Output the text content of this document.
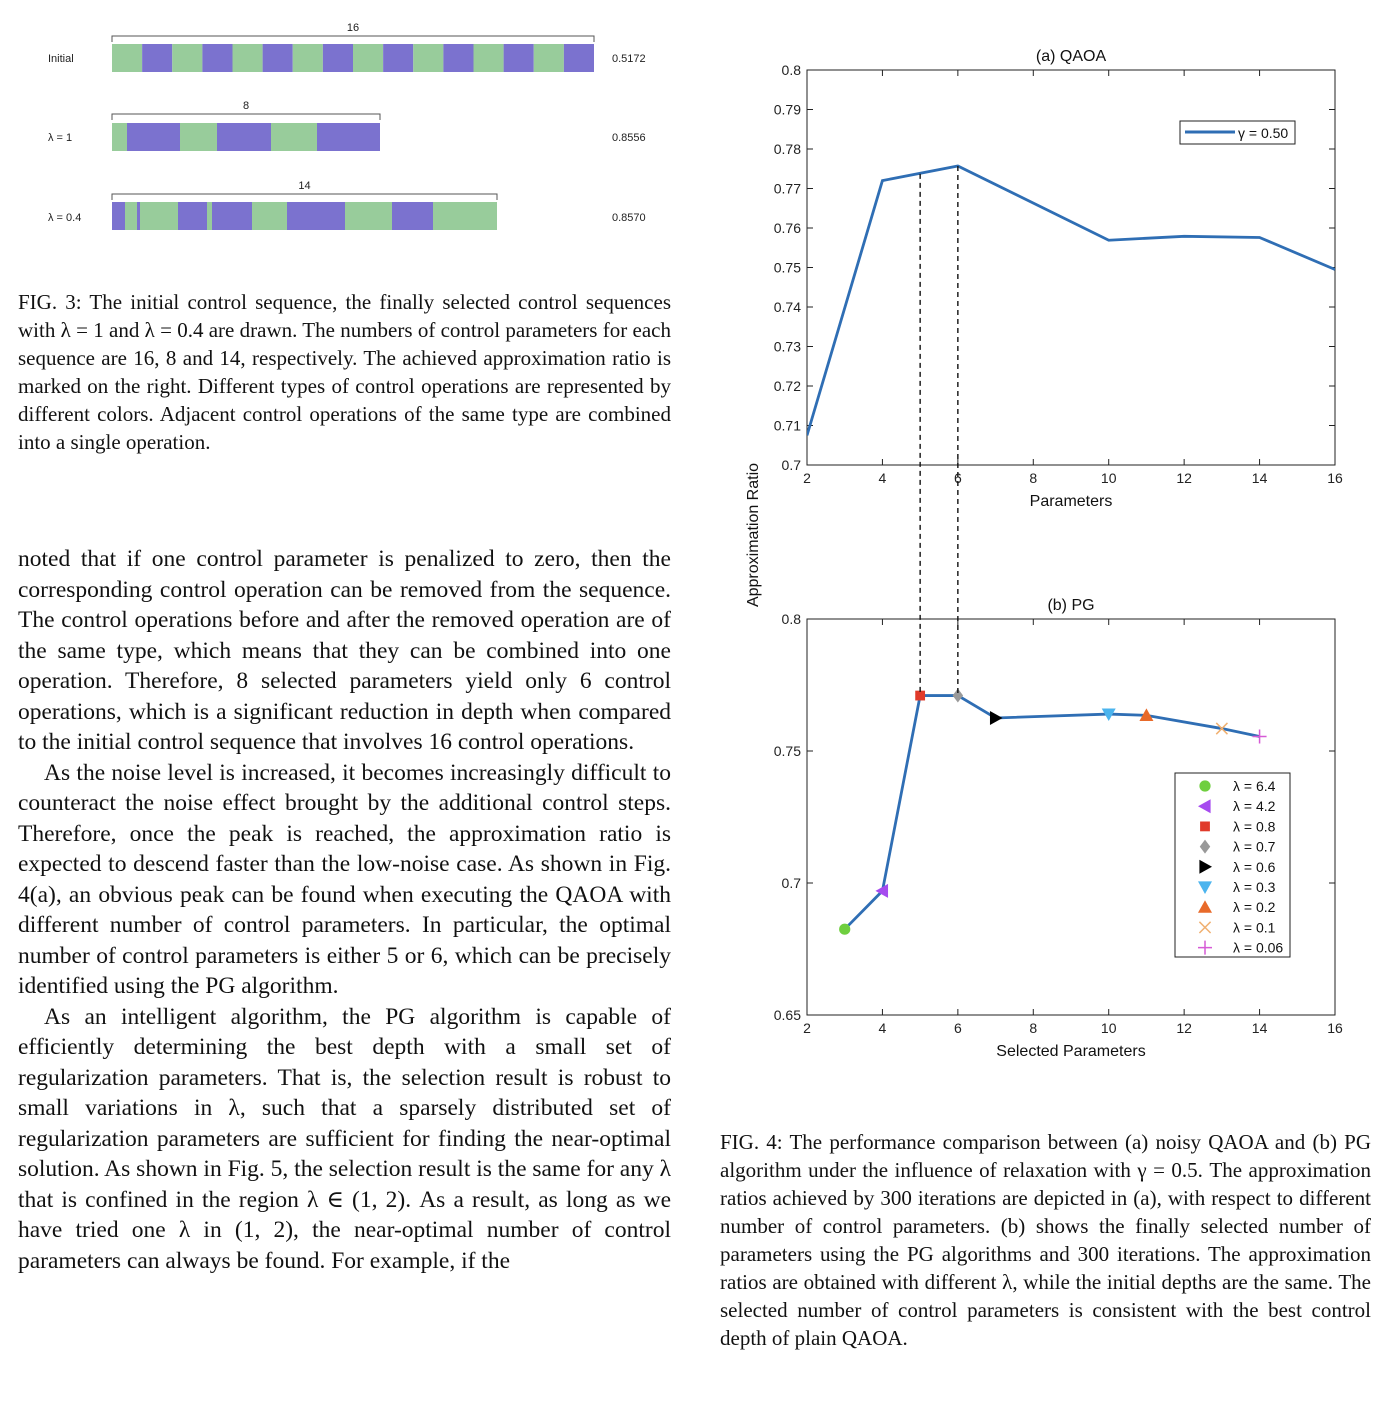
Initial
16
0.5172
λ = 1
8
0.8556
λ = 0.4
14
0.8570
FIG. 3: The initial control sequence, the finally selected control sequences with λ = 1 and λ = 0.4 are drawn. The numbers of control parameters for each sequence are 16, 8 and 14, respectively. The achieved approximation ratio is marked on the right. Different types of control operations are represented by different colors. Adjacent control operations of the same type are combined into a single operation.

noted that if one control parameter is penalized to zero, then the corresponding control operation can be removed from the sequence. The control operations before and after the removed operation are of the same type, which means that they can be combined into one operation. Therefore, 8 selected parameters yield only 6 control operations, which is a significant reduction in depth when compared to the initial control sequence that involves 16 control operations.

As the noise level is increased, it becomes increasingly difficult to counteract the noise effect brought by the additional control steps. Therefore, once the peak is reached, the approximation ratio is expected to descend faster than the low-noise case. As shown in Fig. 4(a), an obvious peak can be found when executing the QAOA with different number of control parameters. In particular, the optimal number of control parameters is either 5 or 6, which can be precisely identified using the PG algorithm.

As an intelligent algorithm, the PG algorithm is capable of efficiently determining the best depth with a small set of regularization parameters. That is, the selection result is robust to small variations in λ, such that a sparsely distributed set of regularization parameters are sufficient for finding the near-optimal solution. As shown in Fig. 5, the selection result is the same for any λ that is confined in the region λ ∈ (1, 2). As a result, as long as we have tried one λ in (1, 2), the near-optimal number of control parameters can always be found. For example, if the

2	4	6	8	10	12	14	16
0.7
0.71
0.72
0.73
0.74
0.75
0.76
0.77
0.78
0.79
0.8
(a) QAOA
Parameters
γ = 0.50
2	4	6	8	10	12	14	16
0.65
0.7
0.75
0.8
(b) PG
Selected Parameters
λ = 6.4
λ = 4.2
λ = 0.8
λ = 0.7
λ = 0.6
λ = 0.3
λ = 0.2
λ = 0.1
λ = 0.06
Approximation Ratio
FIG. 4: The performance comparison between (a) noisy QAOA and (b) PG algorithm under the influence of relaxation with γ = 0.5. The approximation ratios achieved by 300 iterations are depicted in (a), with respect to different number of control parameters. (b) shows the finally selected number of parameters using the PG algorithms and 300 iterations. The approximation ratios are obtained with different λ, while the initial depths are the same. The selected number of control parameters is consistent with the best control depth of plain QAOA.
